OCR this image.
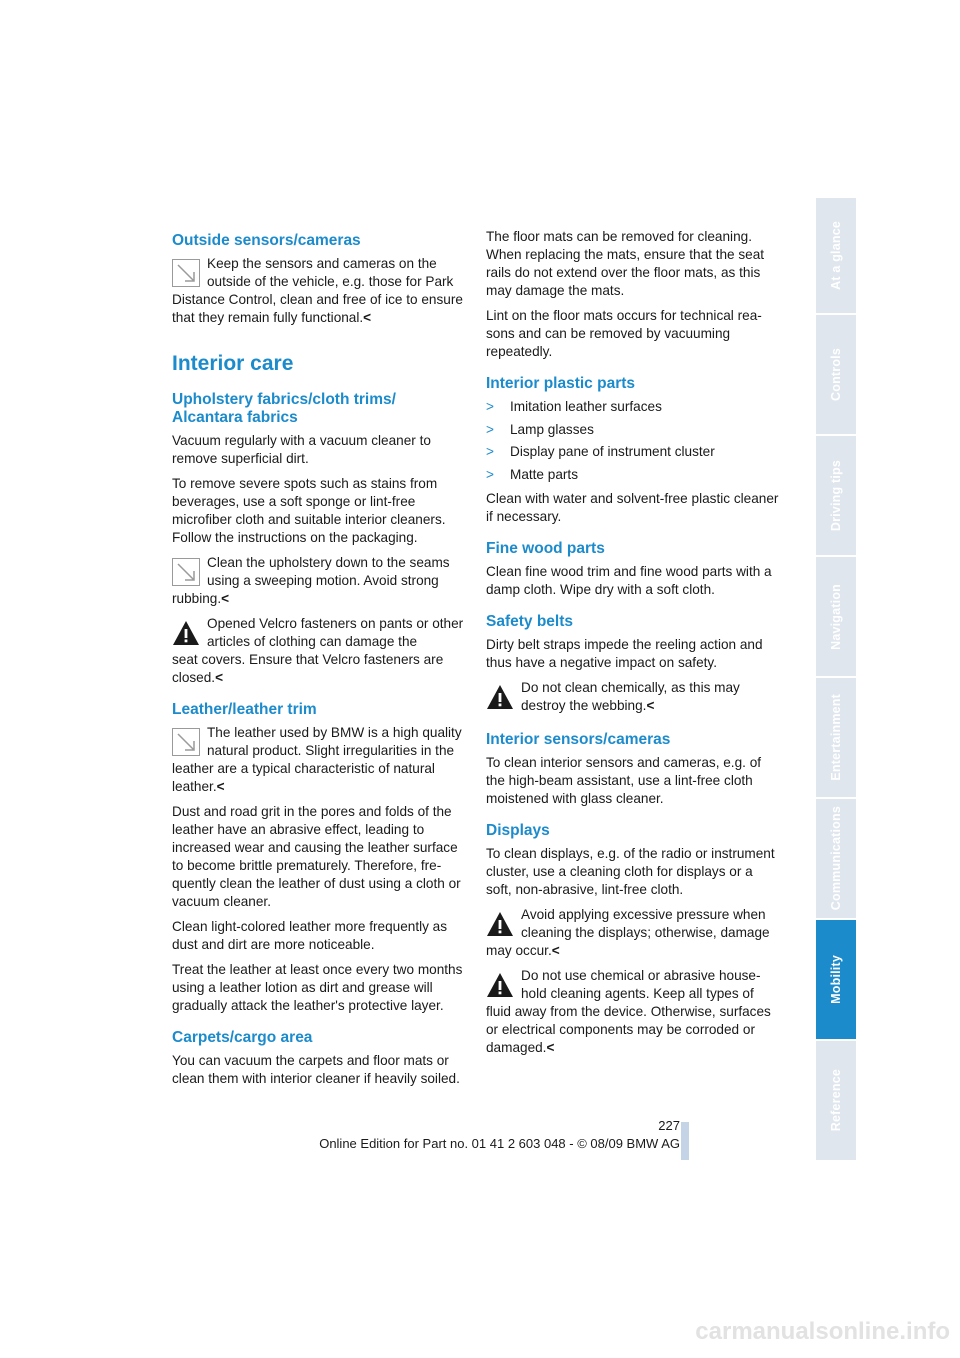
Outside sensors/cameras
Keep the sensors and cameras on the outside of the vehicle, e.g. those for Park
Distance Control, clean and free of ice to ensure that they remain fully functional.<
Interior care
Upholstery fabrics/cloth trims/ Alcantara fabrics

Vacuum regularly with a vacuum cleaner to remove superficial dirt.

To remove severe spots such as stains from beverages, use a soft sponge or lint-free microfiber cloth and suitable interior cleaners. Follow the instructions on the packaging.

Clean the upholstery down to the seams using a sweeping motion. Avoid strong
rubbing.<
Opened Velcro fasteners on pants or other articles of clothing can damage the
seat covers. Ensure that Velcro fasteners are closed.<
Leather/leather trim
The leather used by BMW is a high quality natural product. Slight irregularities in the
leather are a typical characteristic of natural leather.<

Dust and road grit in the pores and folds of the leather have an abrasive effect, leading to increased wear and causing the leather surface to become brittle prematurely. Therefore, fre-quently clean the leather of dust using a cloth or vacuum cleaner.

Clean light-colored leather more frequently as dust and dirt are more noticeable.

Treat the leather at least once every two months using a leather lotion as dirt and grease will gradually attack the leather's protective layer.

Carpets/cargo area

You can vacuum the carpets and floor mats or clean them with interior cleaner if heavily soiled.

The floor mats can be removed for cleaning. When replacing the mats, ensure that the seat rails do not extend over the floor mats, as this may damage the mats.

Lint on the floor mats occurs for technical rea-sons and can be removed by vacuuming repeatedly.

Interior plastic parts
> Imitation leather surfaces
> Lamp glasses
> Display pane of instrument cluster
> Matte parts

Clean with water and solvent-free plastic cleaner if necessary.

Fine wood parts

Clean fine wood trim and fine wood parts with a damp cloth. Wipe dry with a soft cloth.

Safety belts

Dirty belt straps impede the reeling action and thus have a negative impact on safety.

Do not clean chemically, as this may destroy the webbing.<
Interior sensors/cameras

To clean interior sensors and cameras, e.g. of the high-beam assistant, use a lint-free cloth moistened with glass cleaner.

Displays

To clean displays, e.g. of the radio or instrument cluster, use a cleaning cloth for displays or a soft, non-abrasive, lint-free cloth.

Avoid applying excessive pressure when cleaning the displays; otherwise, damage
may occur.<
Do not use chemical or abrasive house-hold cleaning agents. Keep all types of
fluid away from the device. Otherwise, surfaces or electrical components may be corroded or damaged.<
At a glance
Controls
Driving tips
Navigation
Entertainment
Communications
Mobility
Reference
227
Online Edition for Part no. 01 41 2 603 048 - © 08/09 BMW AG
carmanualsonline.info
